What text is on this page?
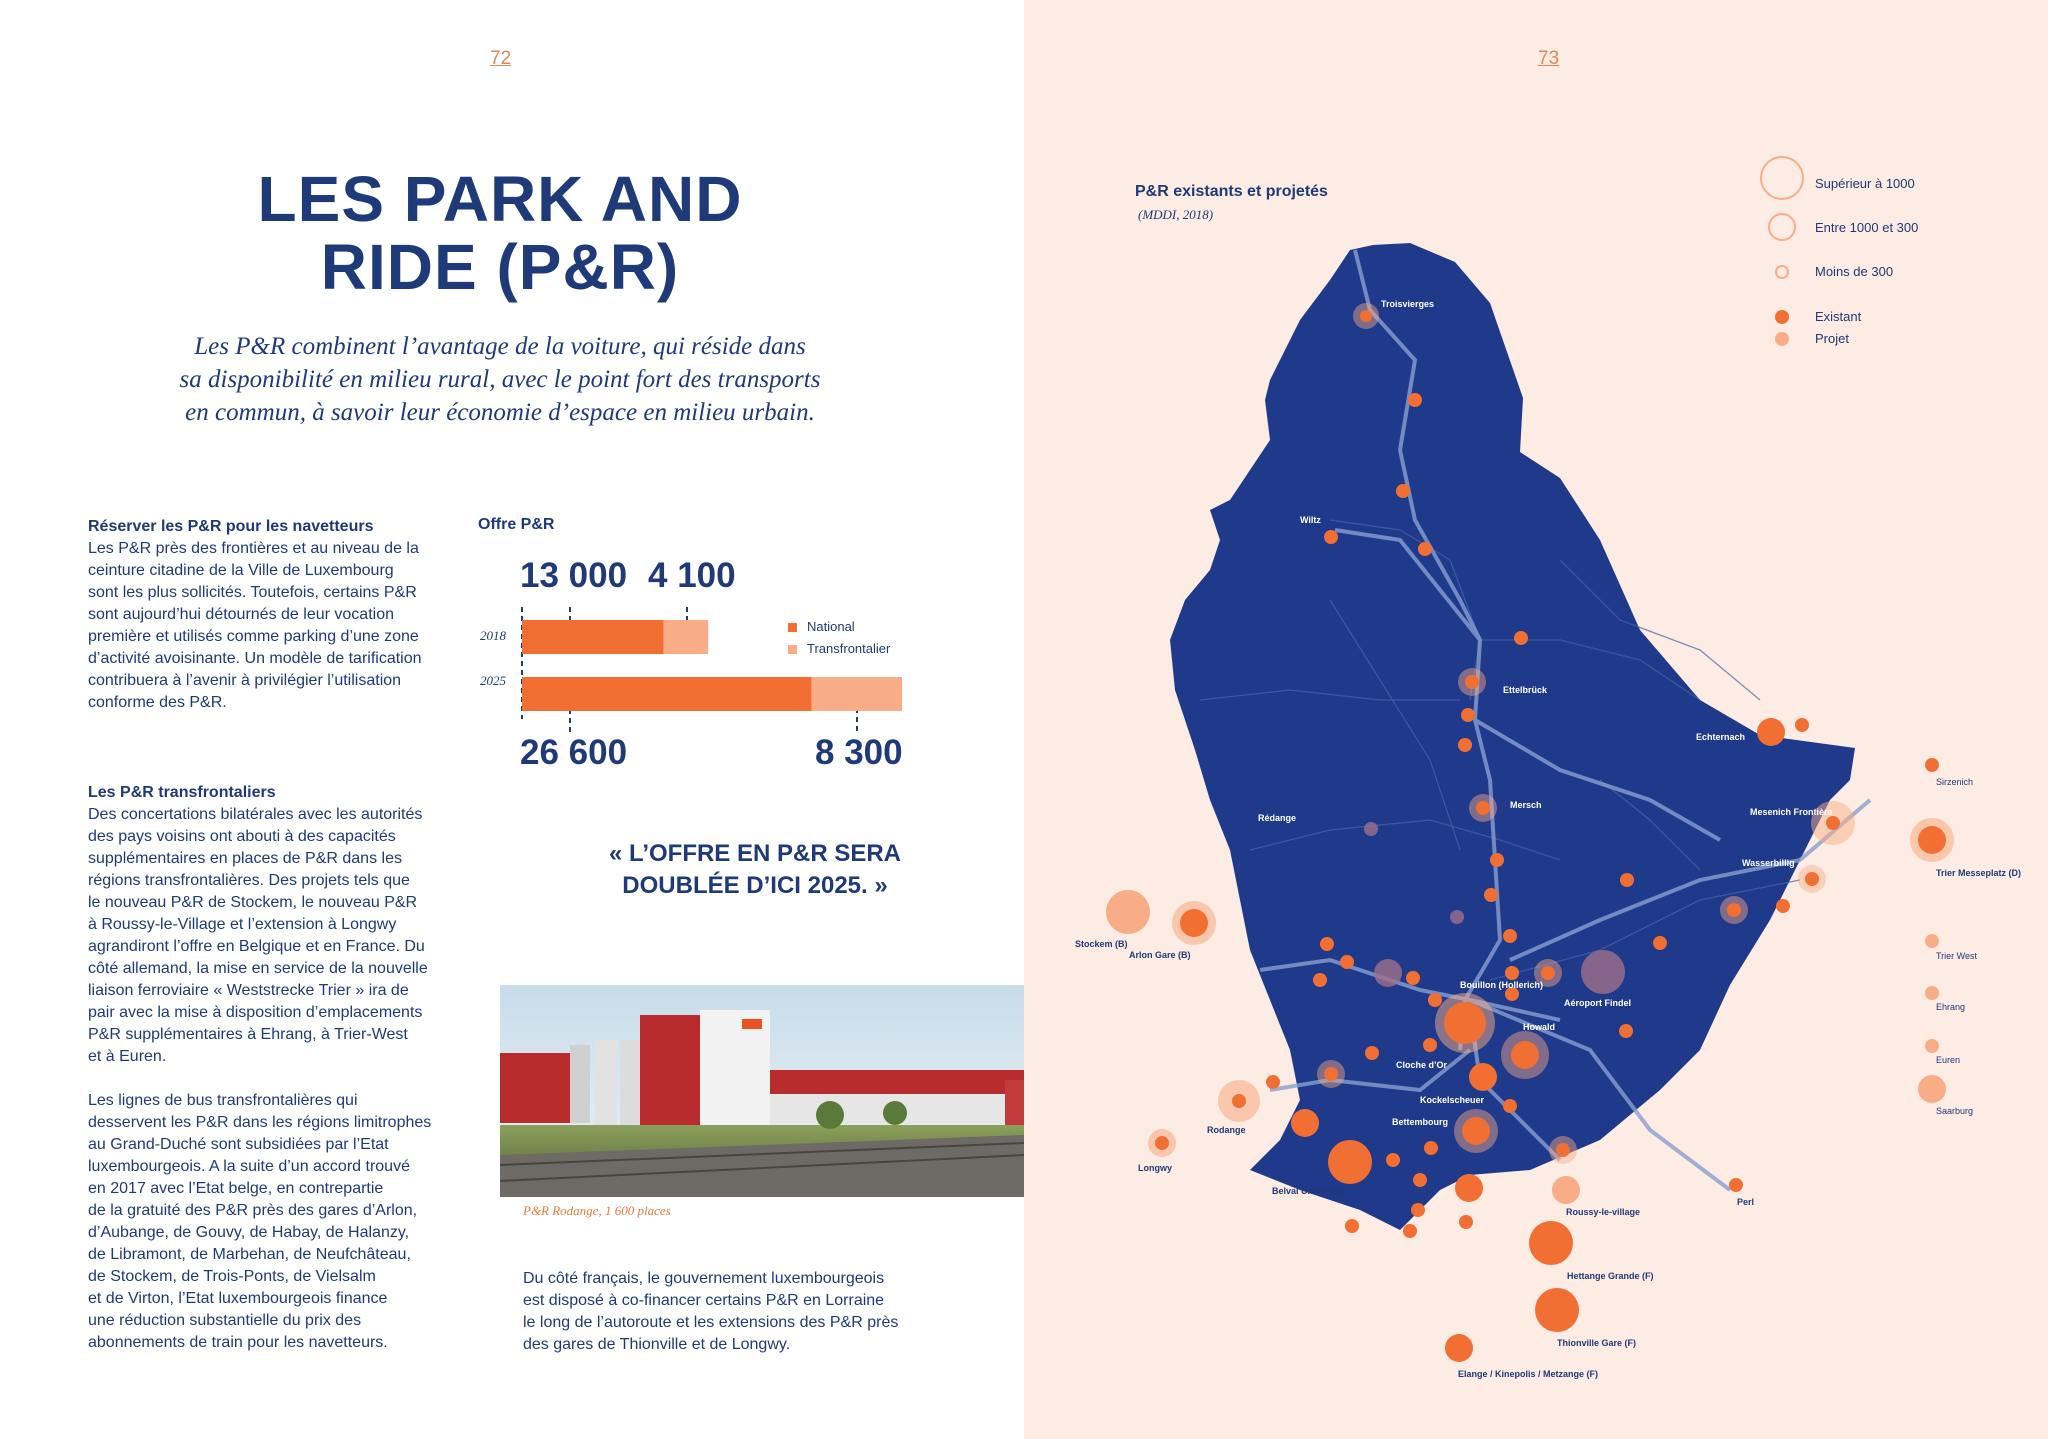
72
LES PARK AND
RIDE (P&R)
Les P&R combinent l’avantage de la voiture, qui réside dans
sa disponibilité en milieu rural, avec le point fort des transports
en commun, à savoir leur économie d’espace en milieu urbain.
Réserver les P&R pour les navetteurs

Les P&R près des frontières et au niveau de la

ceinture citadine de la Ville de Luxembourg

sont les plus sollicités. Toutefois, certains P&R

sont aujourd’hui détournés de leur vocation

première et utilisés comme parking d’une zone

d’activité avoisinante. Un modèle de tarification

contribuera à l’avenir à privilégier l’utilisation

conforme des P&R.

Les P&R transfrontaliers

Des concertations bilatérales avec les autorités

des pays voisins ont abouti à des capacités

supplémentaires en places de P&R dans les

régions transfrontalières. Des projets tels que

le nouveau P&R de Stockem, le nouveau P&R

à Roussy-le-Village et l’extension à Longwy

agrandiront l’offre en Belgique et en France. Du

côté allemand, la mise en service de la nouvelle

liaison ferroviaire « Weststrecke Trier » ira de

pair avec la mise à disposition d’emplacements

P&R supplémentaires à Ehrang, à Trier-West

et à Euren.

Les lignes de bus transfrontalières qui

desservent les P&R dans les régions limitrophes

au Grand-Duché sont subsidiées par l’Etat

luxembourgeois. A la suite d’un accord trouvé

en 2017 avec l’Etat belge, en contrepartie

de la gratuité des P&R près des gares d’Arlon,

d’Aubange, de Gouvy, de Habay, de Halanzy,

de Libramont, de Marbehan, de Neufchâteau,

de Stockem, de Trois-Ponts, de Vielsalm

et de Virton, l’Etat luxembourgeois finance

une réduction substantielle du prix des

abonnements de train pour les navetteurs.

Offre P&R
13 000 4 100
26 600	8 300
2018
2025
National
Transfrontalier
« L’OFFRE EN P&R SERA
DOUBLÉE D’ICI 2025. »
P&R Rodange, 1 600 places

Du côté français, le gouvernement luxembourgeois

est disposé à co-financer certains P&R en Lorraine

le long de l’autoroute et les extensions des P&R près

des gares de Thionville et de Longwy.

73
P&R existants et projetés
(MDDI, 2018)
Supérieur à 1000
Entre 1000 et 300
Moins de 300
Existant
Projet
Troisvierges
Wiltz
Ettelbrück
Echternach
Rédange
Mersch
Mesenich Frontière
Wasserbillig
Stockem (B)
Arlon Gare (B)
Bouillon (Hollerich)
Aéroport Findel
Howald
Cloche d’Or
Kockelscheuer
Bettembourg
Rodange
Longwy
Belval Université
Roussy-le-village
Perl
Hettange Grande (F)
Thionville Gare (F)
Elange / Kinepolis / Metzange (F)
Sirzenich
Trier Messeplatz (D)
Trier West
Ehrang
Euren
Saarburg
